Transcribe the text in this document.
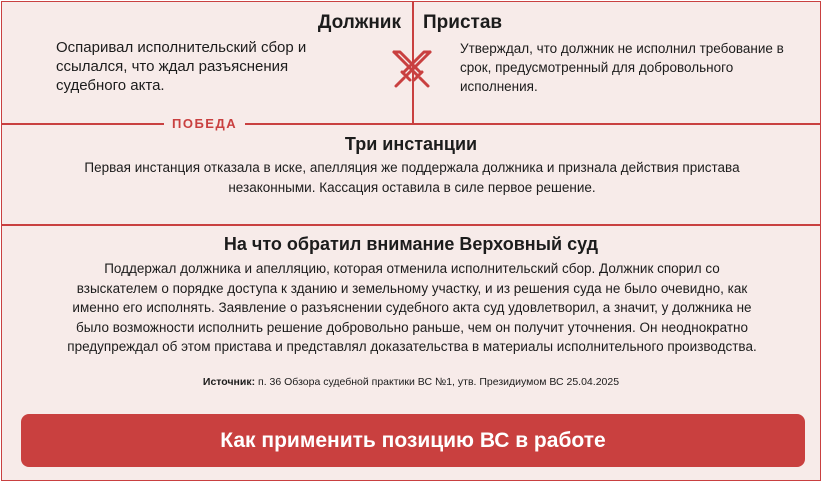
Должник Пристав
Оспаривал исполнительский сбор и ссылался, что ждал разъяснения судебного акта.
Утверждал, что должник не исполнил требование в срок, предусмотренный для добровольного исполнения.
ПОБЕДА
Три инстанции
Первая инстанция отказала в иске, апелляция же поддержала должника и признала действия пристава незаконными. Кассация оставила в силе первое решение.
На что обратил внимание Верховный суд
Поддержал должника и апелляцию, которая отменила исполнительский сбор. Должник спорил со взыскателем о порядке доступа к зданию и земельному участку, и из решения суда не было очевидно, как именно его исполнять. Заявление о разъяснении судебного акта суд удовлетворил, а значит, у должника не было возможности исполнить решение добровольно раньше, чем он получит уточнения. Он неоднократно предупреждал об этом пристава и представлял доказательства в материалы исполнительного производства.
Источник: п. 36 Обзора судебной практики ВС №1, утв. Президиумом ВС 25.04.2025
Как применить позицию ВС в работе
